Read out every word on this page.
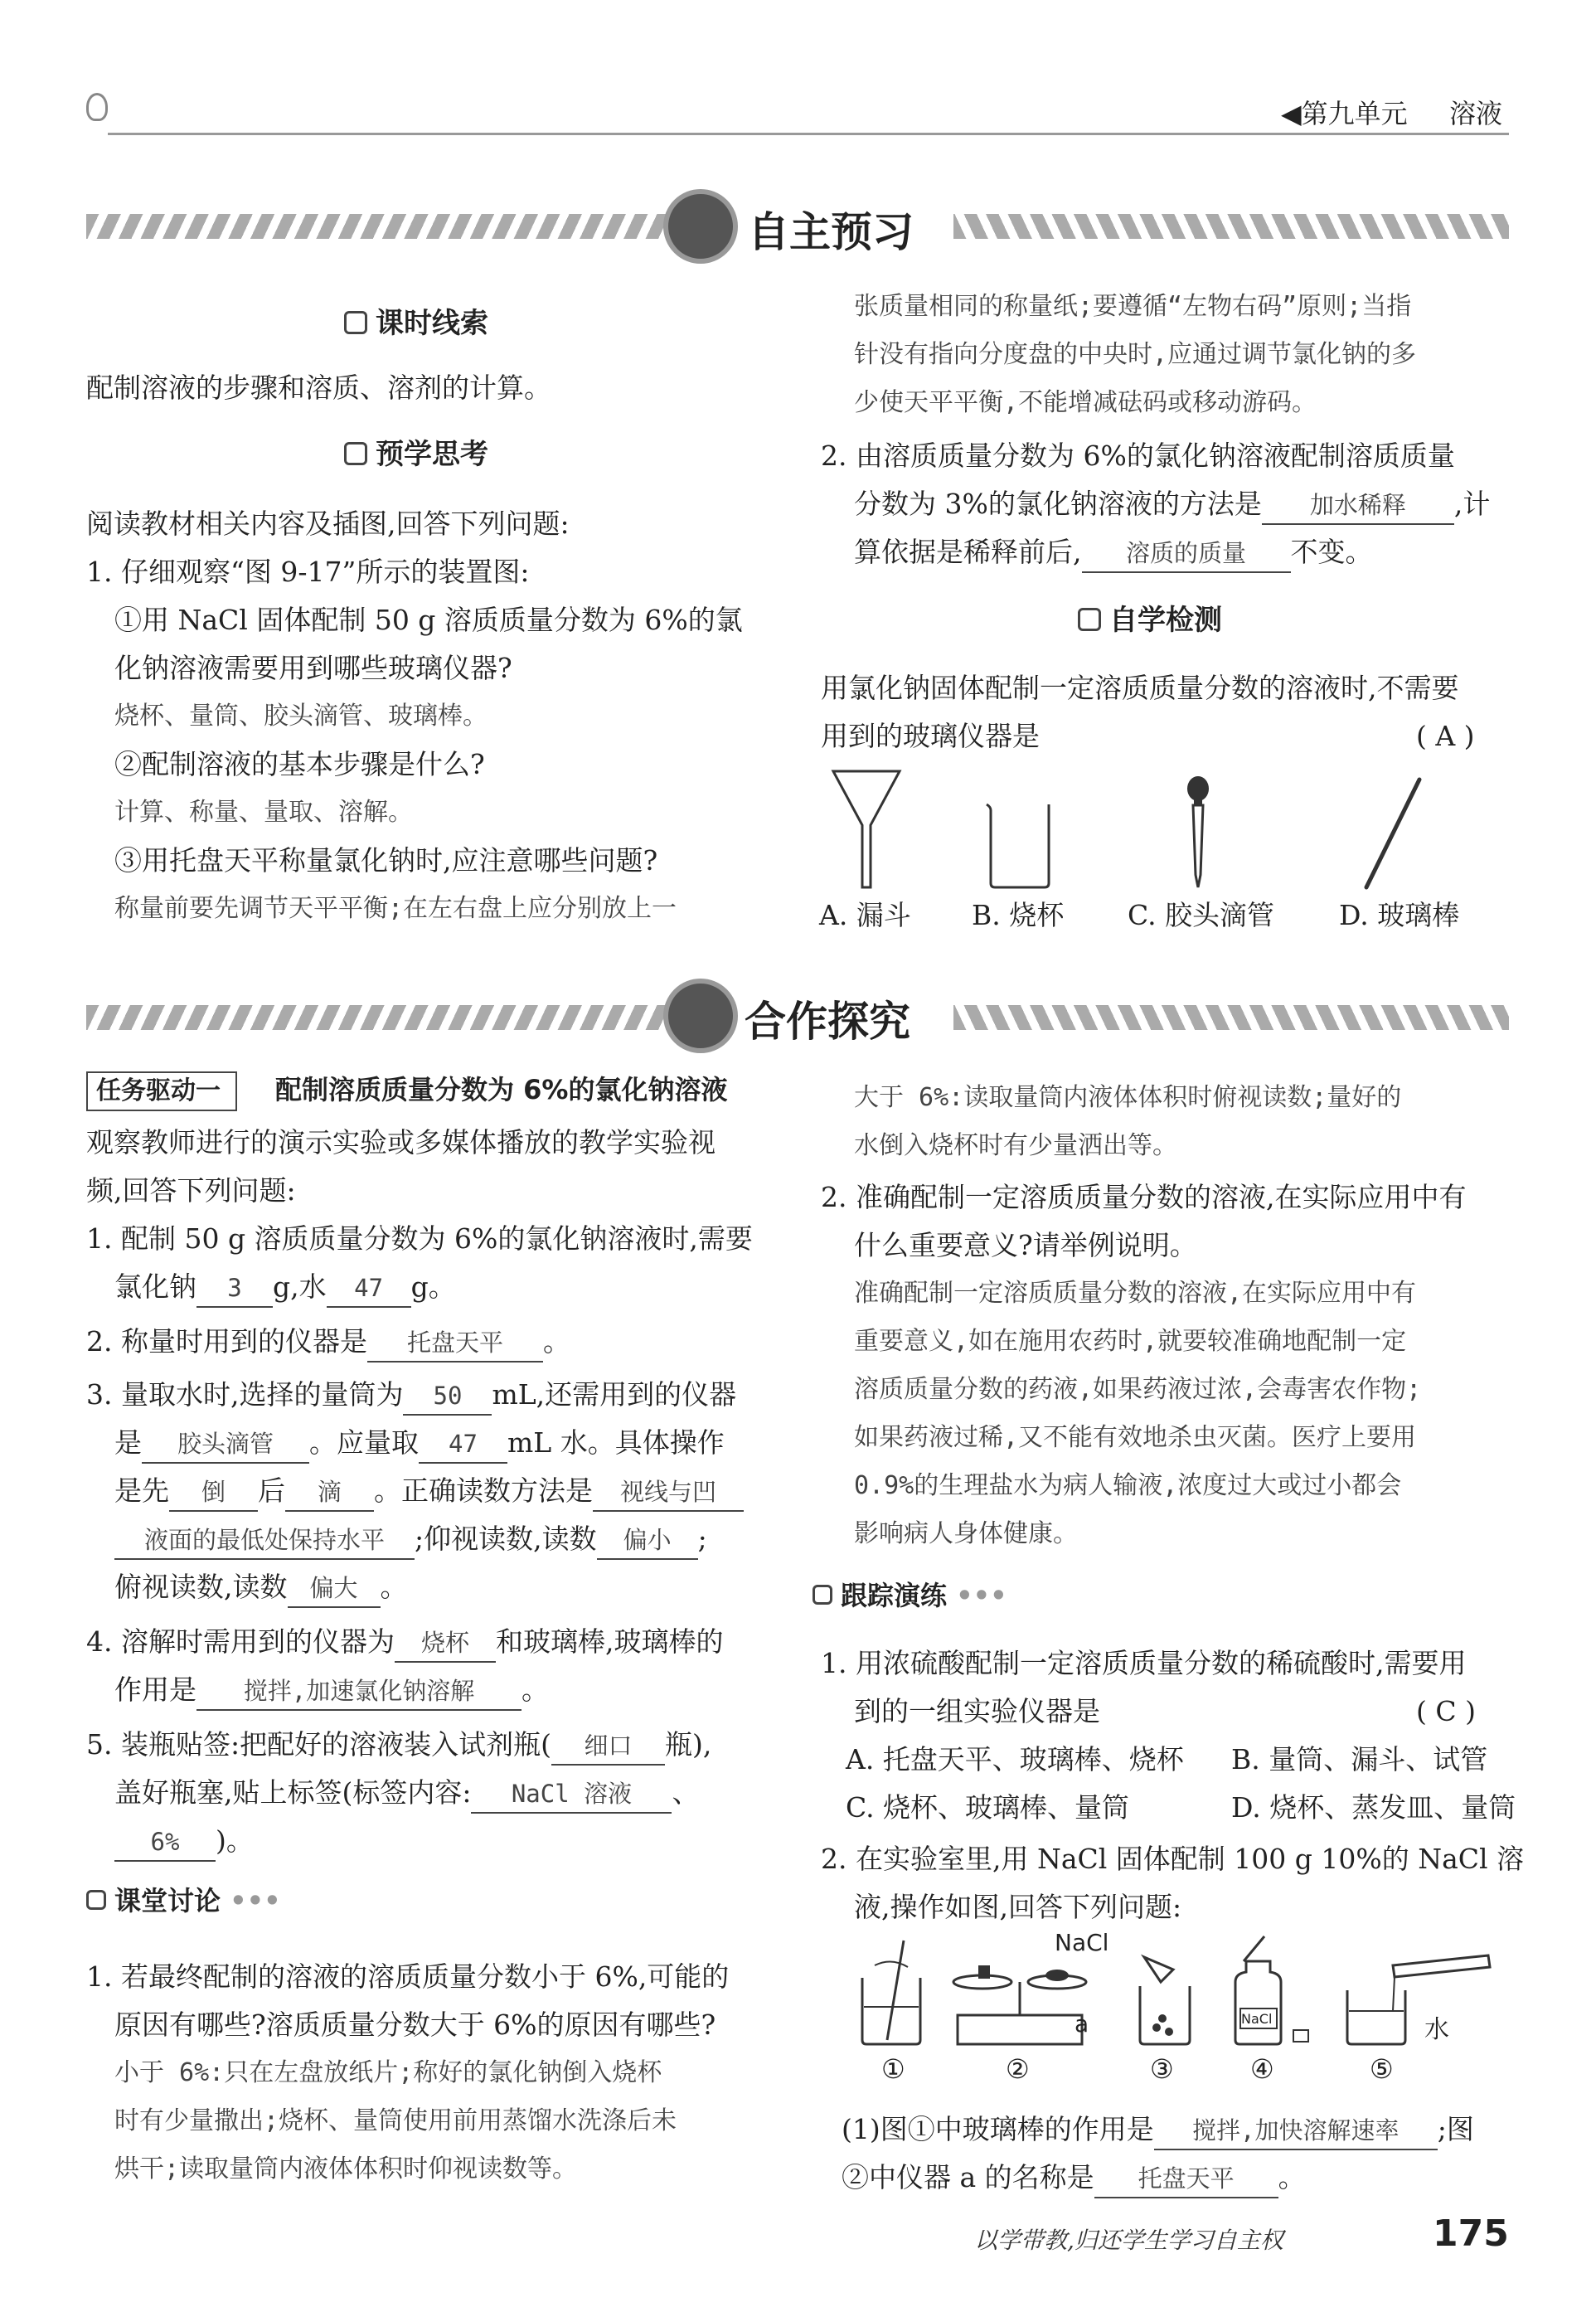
◀第九单元 溶液
自主预习
课时线索
配制溶液的步骤和溶质、溶剂的计算。
预学思考
阅读教材相关内容及插图,回答下列问题:
1. 仔细观察“图 9-17”所示的装置图:
①用 NaCl 固体配制 50 g 溶质质量分数为 6%的氯
化钠溶液需要用到哪些玻璃仪器?
烧杯、量筒、胶头滴管、玻璃棒。
②配制溶液的基本步骤是什么?
计算、称量、量取、溶解。
③用托盘天平称量氯化钠时,应注意哪些问题?
称量前要先调节天平平衡;在左右盘上应分别放上一
张质量相同的称量纸;要遵循“左物右码”原则;当指
针没有指向分度盘的中央时,应通过调节氯化钠的多
少使天平平衡,不能增减砝码或移动游码。
2. 由溶质质量分数为 6%的氯化钠溶液配制溶质质量
分数为 3%的氯化钠溶液的方法是 加水稀释 ,计
算依据是稀释前后, 溶质的质量 不变。
自学检测
用氯化钠固体配制一定溶质质量分数的溶液时,不需要
用到的玻璃仪器是	( A )
A. 漏斗 B. 烧杯 C. 胶头滴管 D. 玻璃棒
合作探究
任务驱动一	配制溶质质量分数为 6%的氯化钠溶液
观察教师进行的演示实验或多媒体播放的教学实验视
频,回答下列问题:
1. 配制 50 g 溶质质量分数为 6%的氯化钠溶液时,需要
氯化钠 3 g,水 47 g。
2. 称量时用到的仪器是 托盘天平 。
3. 量取水时,选择的量筒为 50 mL,还需用到的仪器
是 胶头滴管 。应量取 47 mL 水。具体操作
是先 倒 后 滴 。正确读数方法是 视线与凹
液面的最低处保持水平 ;仰视读数,读数 偏小 ;
俯视读数,读数 偏大 。
4. 溶解时需用到的仪器为 烧杯 和玻璃棒,玻璃棒的
作用是 搅拌,加速氯化钠溶解 。
5. 装瓶贴签:把配好的溶液装入试剂瓶( 细口 瓶),
盖好瓶塞,贴上标签(标签内容: NaCl 溶液 、
6% )。
课堂讨论 •••
1. 若最终配制的溶液的溶质质量分数小于 6%,可能的
原因有哪些?溶质质量分数大于 6%的原因有哪些?
小于 6%:只在左盘放纸片;称好的氯化钠倒入烧杯
时有少量撒出;烧杯、量筒使用前用蒸馏水洗涤后未
烘干;读取量筒内液体体积时仰视读数等。
大于 6%:读取量筒内液体体积时俯视读数;量好的
水倒入烧杯时有少量洒出等。
2. 准确配制一定溶质质量分数的溶液,在实际应用中有
什么重要意义?请举例说明。
准确配制一定溶质质量分数的溶液,在实际应用中有
重要意义,如在施用农药时,就要较准确地配制一定
溶质质量分数的药液,如果药液过浓,会毒害农作物;
如果药液过稀,又不能有效地杀虫灭菌。医疗上要用
0.9%的生理盐水为病人输液,浓度过大或过小都会
影响病人身体健康。
跟踪演练 •••
1. 用浓硫酸配制一定溶质质量分数的稀硫酸时,需要用
到的一组实验仪器是	( C )
A. 托盘天平、玻璃棒、烧杯 B. 量筒、漏斗、试管
C. 烧杯、玻璃棒、量筒	D. 烧杯、蒸发皿、量筒
2. 在实验室里,用 NaCl 固体配制 100 g 10%的 NaCl 溶
液,操作如图,回答下列问题:
NaCl
a	NaCl	水
①	②	③	④	⑤
(1)图①中玻璃棒的作用是 搅拌,加快溶解速率 ;图
②中仪器 a 的名称是 托盘天平 。
以学带教,归还学生学习自主权	175
